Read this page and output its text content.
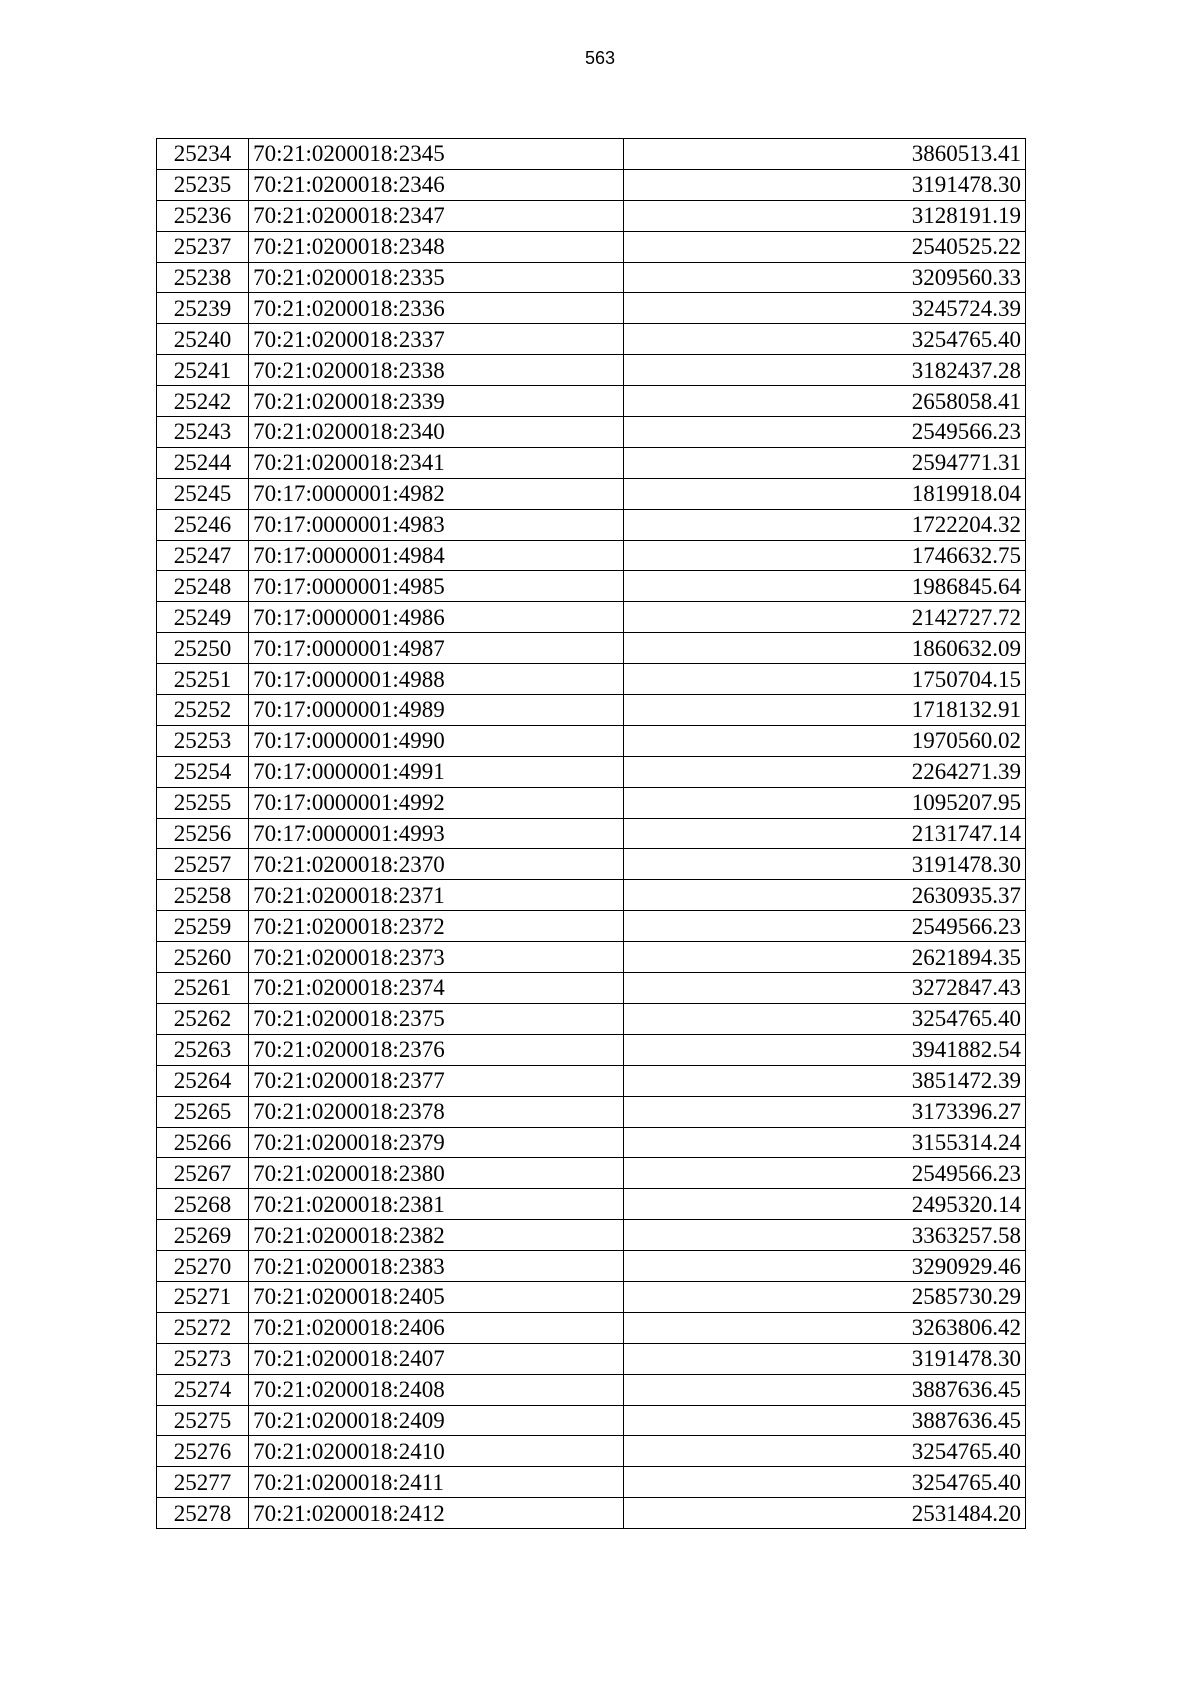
563
25234	70:21:0200018:2345	3860513.41
25235	70:21:0200018:2346	3191478.30
25236	70:21:0200018:2347	3128191.19
25237	70:21:0200018:2348	2540525.22
25238	70:21:0200018:2335	3209560.33
25239	70:21:0200018:2336	3245724.39
25240	70:21:0200018:2337	3254765.40
25241	70:21:0200018:2338	3182437.28
25242	70:21:0200018:2339	2658058.41
25243	70:21:0200018:2340	2549566.23
25244	70:21:0200018:2341	2594771.31
25245	70:17:0000001:4982	1819918.04
25246	70:17:0000001:4983	1722204.32
25247	70:17:0000001:4984	1746632.75
25248	70:17:0000001:4985	1986845.64
25249	70:17:0000001:4986	2142727.72
25250	70:17:0000001:4987	1860632.09
25251	70:17:0000001:4988	1750704.15
25252	70:17:0000001:4989	1718132.91
25253	70:17:0000001:4990	1970560.02
25254	70:17:0000001:4991	2264271.39
25255	70:17:0000001:4992	1095207.95
25256	70:17:0000001:4993	2131747.14
25257	70:21:0200018:2370	3191478.30
25258	70:21:0200018:2371	2630935.37
25259	70:21:0200018:2372	2549566.23
25260	70:21:0200018:2373	2621894.35
25261	70:21:0200018:2374	3272847.43
25262	70:21:0200018:2375	3254765.40
25263	70:21:0200018:2376	3941882.54
25264	70:21:0200018:2377	3851472.39
25265	70:21:0200018:2378	3173396.27
25266	70:21:0200018:2379	3155314.24
25267	70:21:0200018:2380	2549566.23
25268	70:21:0200018:2381	2495320.14
25269	70:21:0200018:2382	3363257.58
25270	70:21:0200018:2383	3290929.46
25271	70:21:0200018:2405	2585730.29
25272	70:21:0200018:2406	3263806.42
25273	70:21:0200018:2407	3191478.30
25274	70:21:0200018:2408	3887636.45
25275	70:21:0200018:2409	3887636.45
25276	70:21:0200018:2410	3254765.40
25277	70:21:0200018:2411	3254765.40
25278	70:21:0200018:2412	2531484.20
